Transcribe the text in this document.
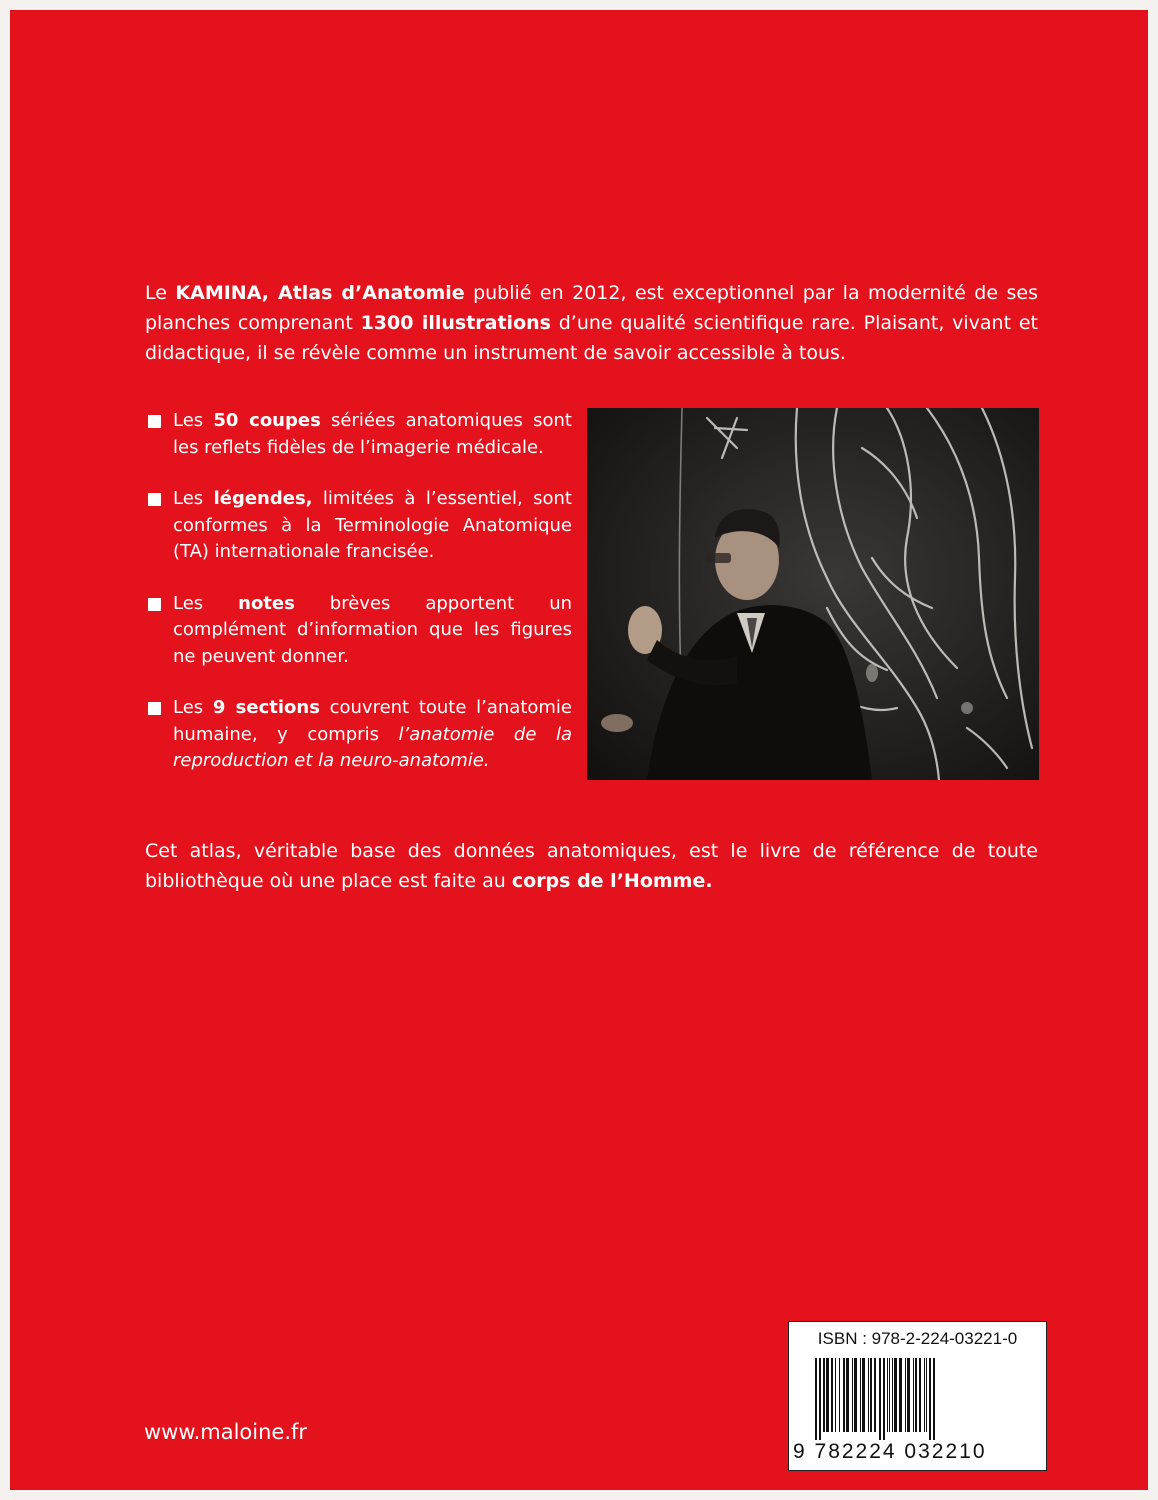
Le KAMINA, Atlas d’Anatomie publié en 2012, est exceptionnel par la modernité de ses planches comprenant 1300 illustrations d’une qualité scientifique rare. Plaisant, vivant et didactique, il se révèle comme un instrument de savoir accessible à tous.

Les 50 coupes sériées anatomiques sont les reflets fidèles de l’imagerie médicale.
Les légendes, limitées à l’essentiel, sont conformes à la Terminologie Anatomique (TA) internationale francisée.
Les notes brèves apportent un complément d’information que les figures ne peuvent donner.
Les 9 sections couvrent toute l’anatomie humaine, y compris l’anatomie de la reproduction et la neuro-anatomie.

Cet atlas, véritable base des données anatomiques, est le livre de référence de toute bibliothèque où une place est faite au corps de l’Homme.

www.maloine.fr
ISBN : 978-2-224-03221-0
9 782224 032210
